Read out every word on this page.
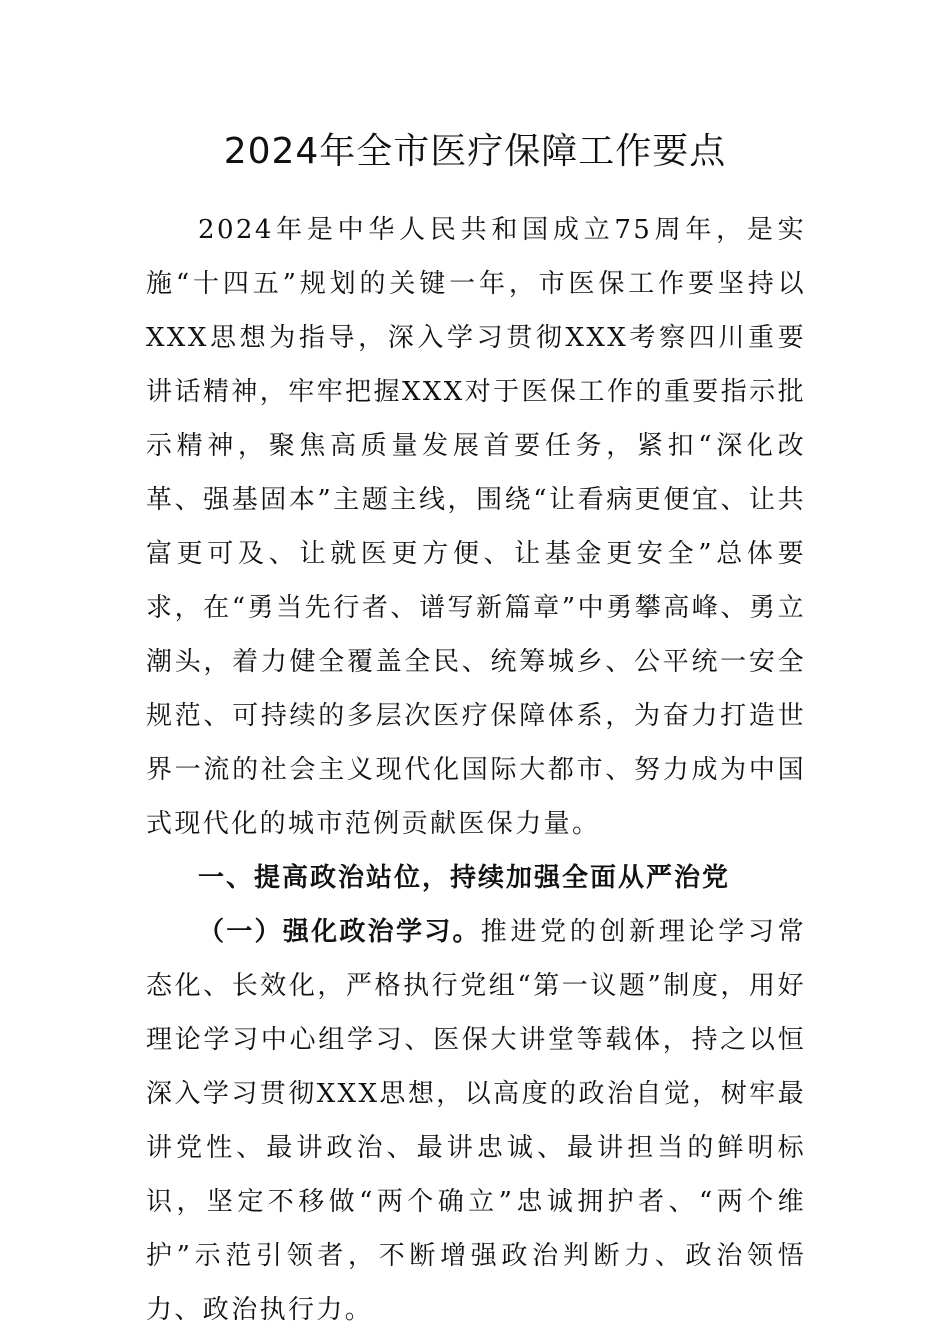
2024年全市医疗保障工作要点

2024年是中华人民共和国成立75周年，是实施“十四五”规划的关键一年，市医保工作要坚持以XXX思想为指导，深入学习贯彻XXX考察四川重要讲话精神，牢牢把握XXX对于医保工作的重要指示批示精神，聚焦高质量发展首要任务，紧扣“深化改革、强基固本”主题主线，围绕“让看病更便宜、让共富更可及、让就医更方便、让基金更安全”总体要求，在“勇当先行者、谱写新篇章”中勇攀高峰、勇立潮头，着力健全覆盖全民、统筹城乡、公平统一安全规范、可持续的多层次医疗保障体系，为奋力打造世界一流的社会主义现代化国际大都市、努力成为中国式现代化的城市范例贡献医保力量。

一、提高政治站位，持续加强全面从严治党

（一）强化政治学习。推进党的创新理论学习常态化、长效化，严格执行党组“第一议题”制度，用好理论学习中心组学习、医保大讲堂等载体，持之以恒深入学习贯彻XXX思想，以高度的政治自觉，树牢最讲党性、最讲政治、最讲忠诚、最讲担当的鲜明标识，坚定不移做“两个确立”忠诚拥护者、“两个维护”示范引领者，不断增强政治判断力、政治领悟力、政治执行力。
